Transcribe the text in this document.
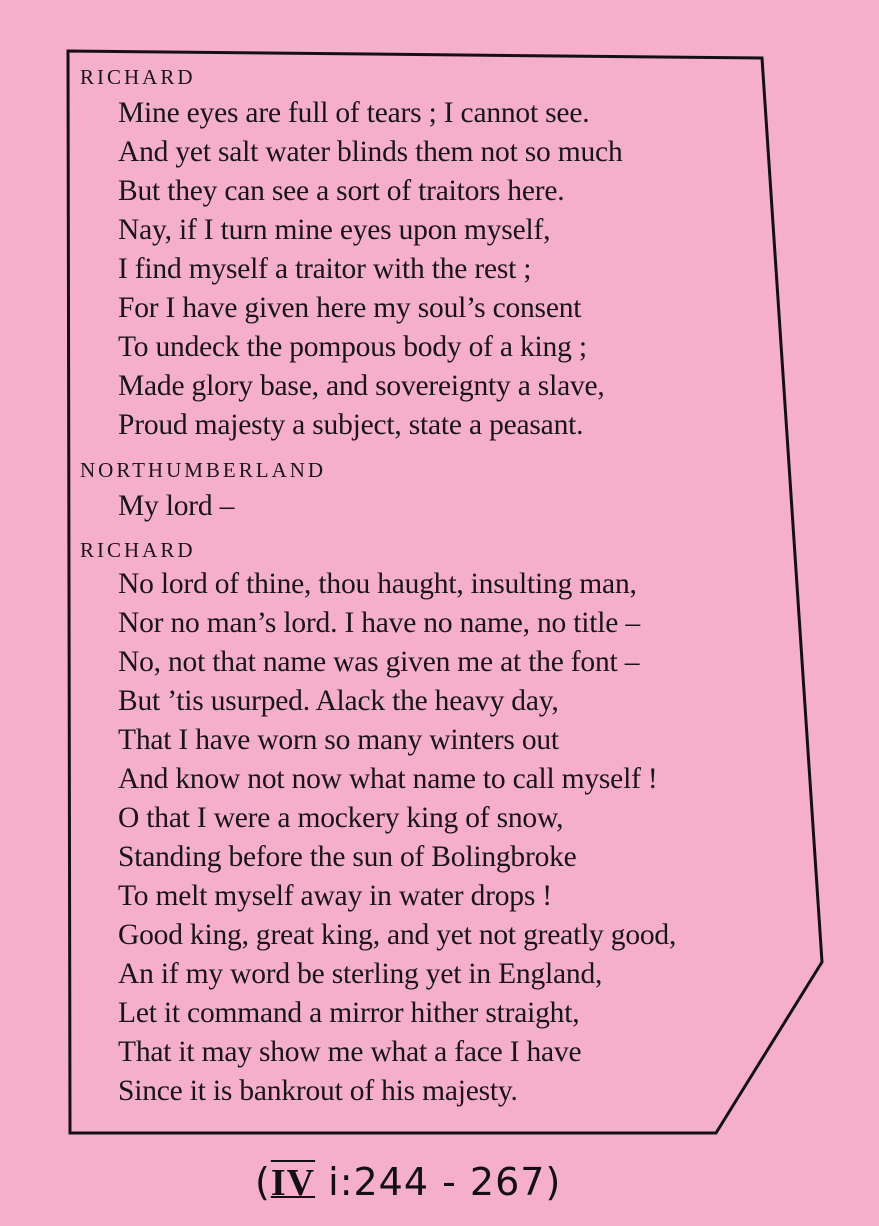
RICHARD
Mine eyes are full of tears ; I cannot see.
And yet salt water blinds them not so much
But they can see a sort of traitors here.
Nay, if I turn mine eyes upon myself,
I find myself a traitor with the rest ;
For I have given here my soul’s consent
To undeck the pompous body of a king ;
Made glory base, and sovereignty a slave,
Proud majesty a subject, state a peasant.
NORTHUMBERLAND
My lord –
RICHARD
No lord of thine, thou haught, insulting man,
Nor no man’s lord. I have no name, no title –
No, not that name was given me at the font –
But ’tis usurped. Alack the heavy day,
That I have worn so many winters out
And know not now what name to call myself !
O that I were a mockery king of snow,
Standing before the sun of Bolingbroke
To melt myself away in water drops !
Good king, great king, and yet not greatly good,
An if my word be sterling yet in England,
Let it command a mirror hither straight,
That it may show me what a face I have
Since it is bankrout of his majesty.
(IV i:244 - 267)
